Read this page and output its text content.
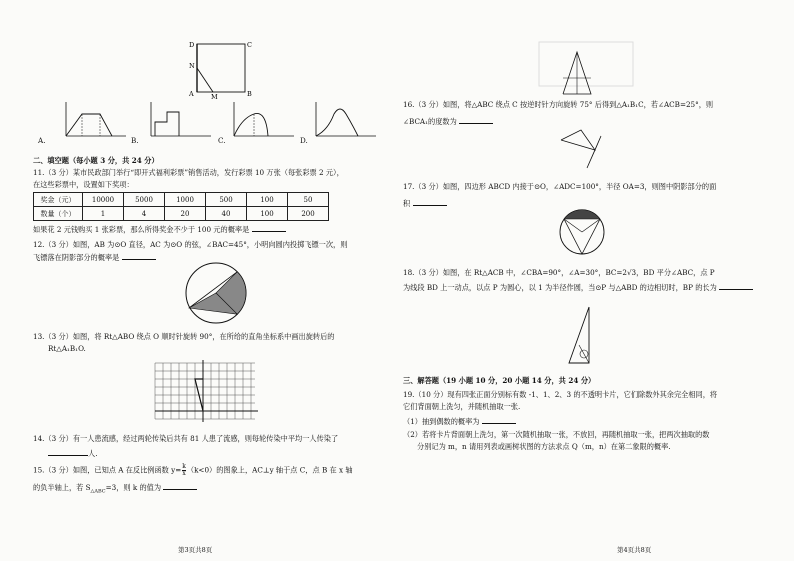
D	C
N
A	M	B
A.	B.	C.	D.
二、填空题（每小题 3 分，共 24 分）
11.（3 分）某市民政部门举行“即开式福利彩票”销售活动，发行彩票 10 万张（每张彩票 2 元），
在这些彩票中，设置如下奖项：
奖金（元）	10000	5000	1000	500	100	50
数量（个）	1	4	20	40	100	200
如果花 2 元钱购买 1 张彩票，那么所得奖金不少于 100 元的概率是
12.（3 分）如图，AB 为⊙O 直径，AC 为⊙O 的弦，∠BAC=45°，小明向圆内投掷飞镖一次，则
飞镖落在阴影部分的概率是
13.（3 分）如图，将 Rt△ABO 绕点 O 顺时针旋转 90°，在所给的直角坐标系中画出旋转后的
Rt△A₁B₁O.
14.（3 分）有一人患流感，经过两轮传染后共有 81 人患了流感，则每轮传染中平均一人传染了
人.
15.（3 分）如图，已知点 A 在反比例函数 $y= \frac{k}{x} (k<0)$的图象上，AC⊥y 轴于点 C，点 B 在 x 轴
的负半轴上，若 $S_{\triangle ABC}=3$，则 k 的值为
第3页共8页
16.（3 分）如图，将△ABC 绕点 C 按逆时针方向旋转 75° 后得到△A₁B₁C，若∠ACB=25°，则
∠BCA₁的度数为
17.（3 分）如图，四边形 ABCD 内接于⊙O，∠ADC=100°，半径 OA=3，则图中阴影部分的面
积
18.（3 分）如图，在 Rt△ACB 中，∠CBA=90°，∠A=30°，BC=2√3，BD 平分∠ABC，点 P
为线段 BD 上一动点，以点 P 为圆心，以 1 为半径作圆，当⊙P 与△ABD 的边相切时，BP 的长为
三、解答题（19 小题 10 分，20 小题 14 分，共 24 分）
19.（10 分）现有四张正面分别标有数 -1、1、2、3 的不透明卡片，它们除数外其余完全相同，将
它们背面朝上洗匀，并随机抽取一张.
（1）抽到偶数的概率为
（2）若将卡片背面朝上洗匀，第一次随机抽取一张，不放回，再随机抽取一张，把两次抽取的数
分别记为 m，n 请用列表或画树状图的方法求点 Q（m，n）在第二象限的概率.
第4页共8页
